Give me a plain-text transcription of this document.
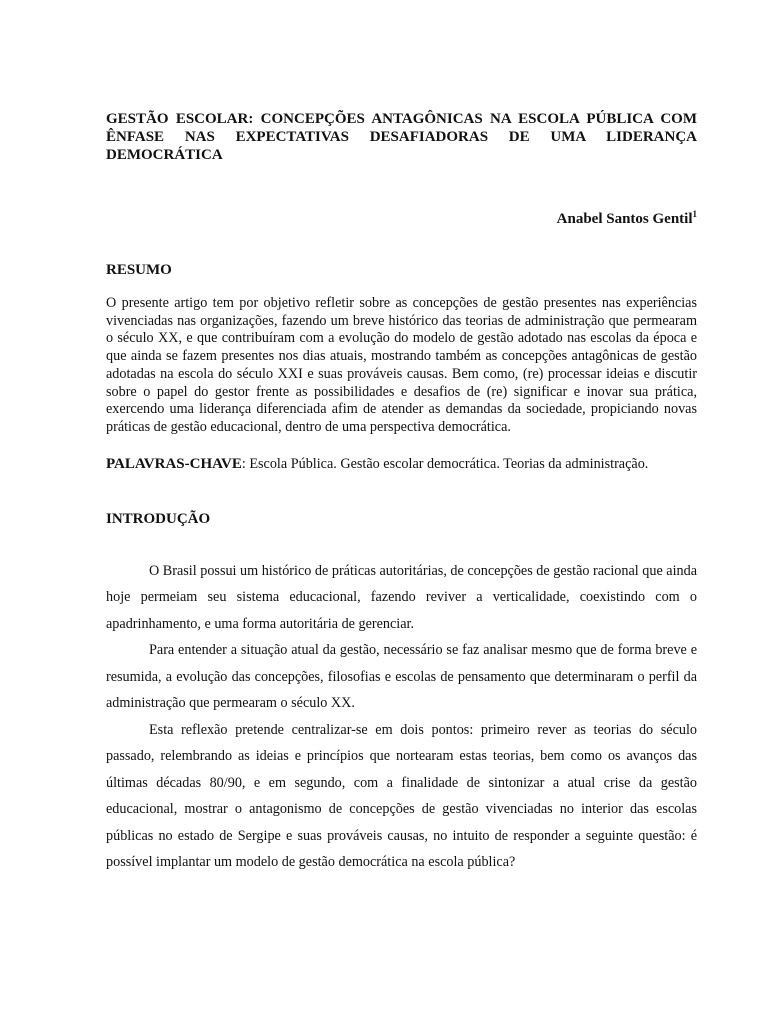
GESTÃO ESCOLAR: CONCEPÇÕES ANTAGÔNICAS NA ESCOLA PÚBLICA COM ÊNFASE NAS EXPECTATIVAS DESAFIADORAS DE UMA LIDERANÇA DEMOCRÁTICA
Anabel Santos Gentil$^1$
RESUMO

O presente artigo tem por objetivo refletir sobre as concepções de gestão presentes nas experiências vivenciadas nas organizações, fazendo um breve histórico das teorias de administração que permearam o século XX, e que contribuíram com a evolução do modelo de gestão adotado nas escolas da época e que ainda se fazem presentes nos dias atuais, mostrando também as concepções antagônicas de gestão adotadas na escola do século XXI e suas prováveis causas. Bem como, (re) processar ideias e discutir sobre o papel do gestor frente as possibilidades e desafios de (re) significar e inovar sua prática, exercendo uma liderança diferenciada afim de atender as demandas da sociedade, propiciando novas práticas de gestão educacional, dentro de uma perspectiva democrática.

PALAVRAS-CHAVE: Escola Pública. Gestão escolar democrática. Teorias da administração.
INTRODUÇÃO

O Brasil possui um histórico de práticas autoritárias, de concepções de gestão racional que ainda hoje permeiam seu sistema educacional, fazendo reviver a verticalidade, coexistindo com o apadrinhamento, e uma forma autoritária de gerenciar.

Para entender a situação atual da gestão, necessário se faz analisar mesmo que de forma breve e resumida, a evolução das concepções, filosofias e escolas de pensamento que determinaram o perfil da administração que permearam o século XX.

Esta reflexão pretende centralizar-se em dois pontos: primeiro rever as teorias do século passado, relembrando as ideias e princípios que nortearam estas teorias, bem como os avanços das últimas décadas 80/90, e em segundo, com a finalidade de sintonizar a atual crise da gestão educacional, mostrar o antagonismo de concepções de gestão vivenciadas no interior das escolas públicas no estado de Sergipe e suas prováveis causas, no intuito de responder a seguinte questão: é possível implantar um modelo de gestão democrática na escola pública?
